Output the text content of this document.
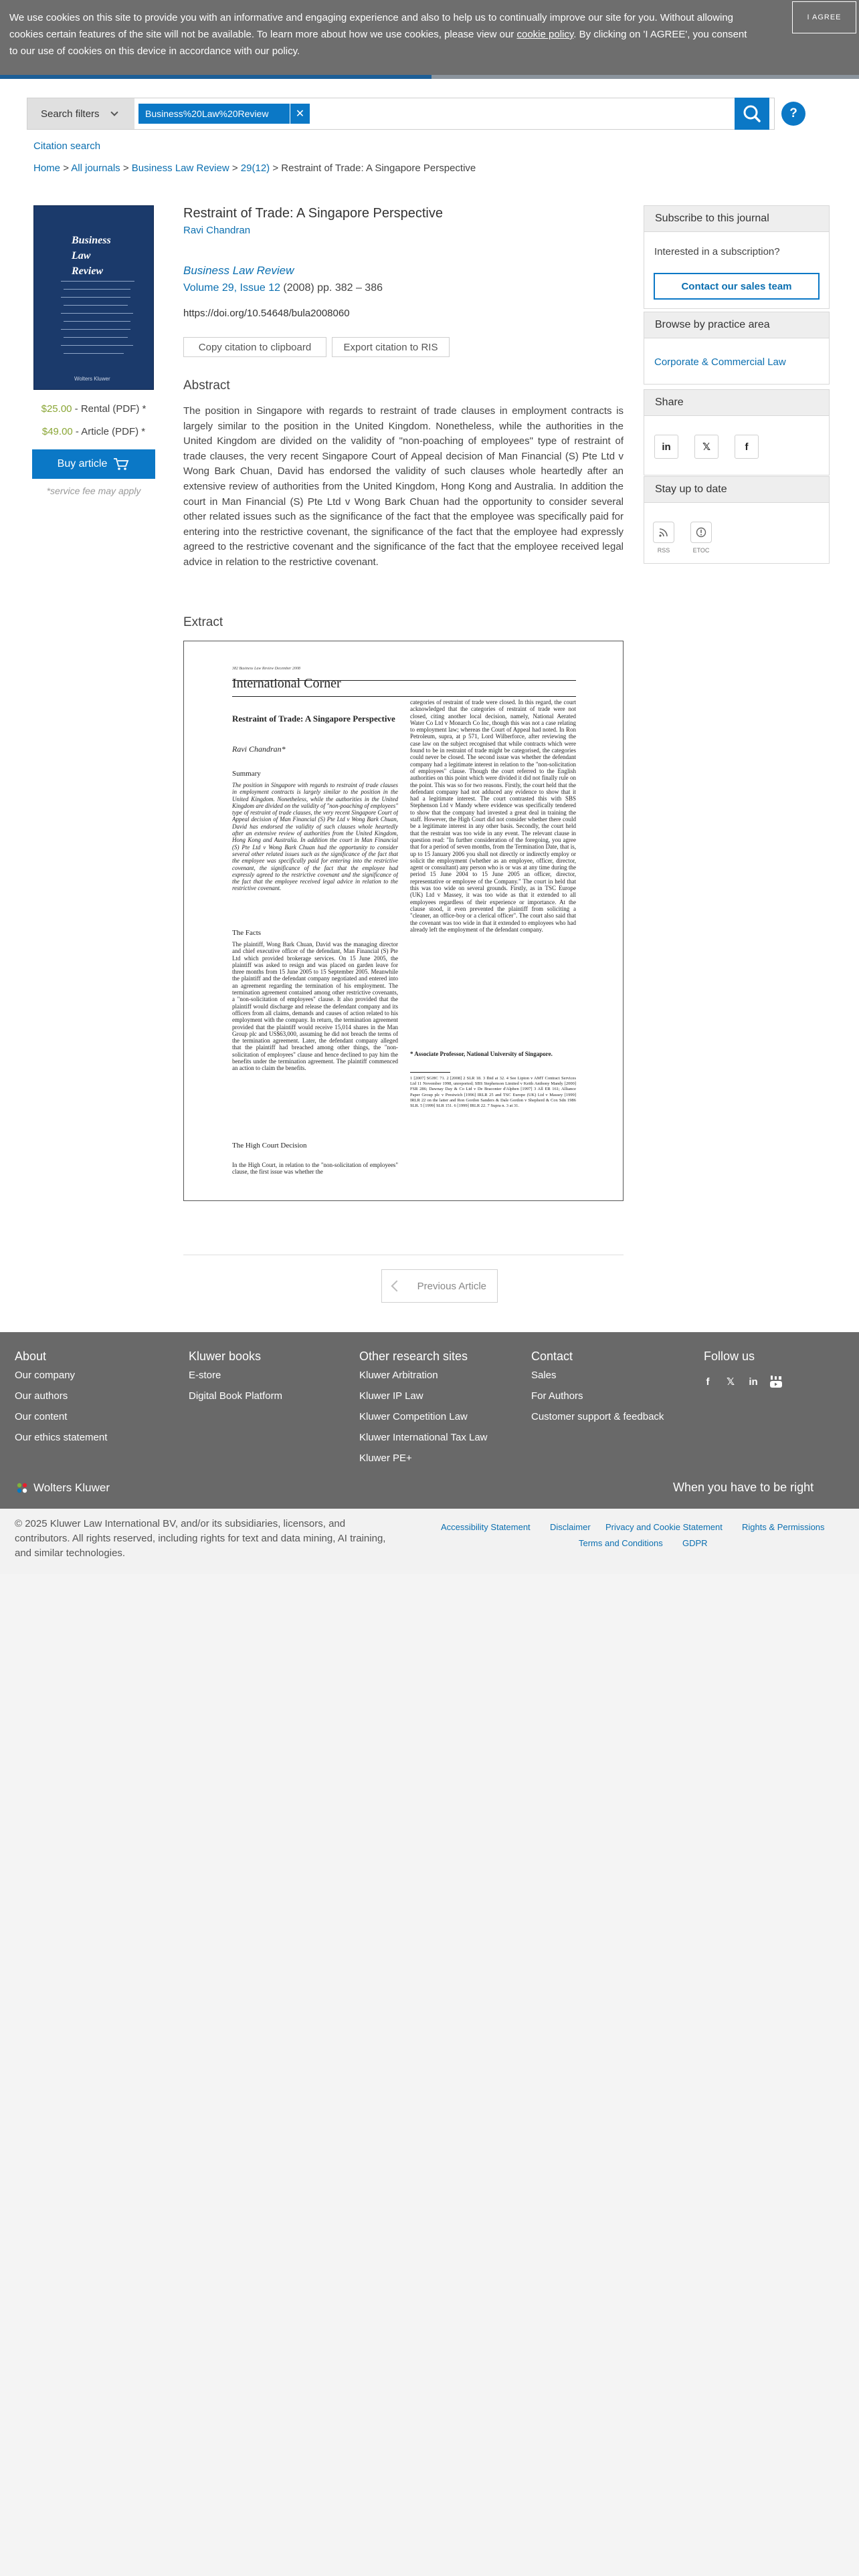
We use cookies on this site to provide you with an informative and engaging experience and also to help us to continually improve our site for you. Without allowing cookies certain features of the site will not be available. To learn more about how we use cookies, please view our cookie policy. By clicking on 'I AGREE', you consent to our use of cookies on this device in accordance with our policy.
I AGREE
Search filters	Business%20Law%20Review	✕	?
Citation search
Home > All journals > Business Law Review > 29(12) > Restraint of Trade: A Singapore Perspective
Business
Law
Review
Wolters Kluwer
$25.00 - Rental (PDF) *
$49.00 - Article (PDF) *
Buy article
*service fee may apply
Restraint of Trade: A Singapore Perspective
Ravi Chandran
Business Law Review
Volume 29, Issue 12 (2008) pp. 382 – 386
https://doi.org/10.54648/bula2008060
Copy citation to clipboard	Export citation to RIS
Abstract
The position in Singapore with regards to restraint of trade clauses in employment contracts is largely similar to the position in the United Kingdom. Nonetheless, while the authorities in the United Kingdom are divided on the validity of "non-poaching of employees" type of restraint of trade clauses, the very recent Singapore Court of Appeal decision of Man Financial (S) Pte Ltd v Wong Bark Chuan, David has endorsed the validity of such clauses whole heartedly after an extensive review of authorities from the United Kingdom, Hong Kong and Australia. In addition the court in Man Financial (S) Pte Ltd v Wong Bark Chuan had the opportunity to consider several other related issues such as the significance of the fact that the employee was specifically paid for entering into the restrictive covenant, the significance of the fact that the employee had expressly agreed to the restrictive covenant and the significance of the fact that the employee received legal advice in relation to the restrictive covenant.
Extract
382 Business Law Review December 2008
International Corner
Restraint of Trade: A Singapore Perspective
Ravi Chandran*
Summary
The position in Singapore with regards to restraint of trade clauses in employment contracts is largely similar to the position in the United Kingdom. Nonetheless, while the authorities in the United Kingdom are divided on the validity of "non-poaching of employees" type of restraint of trade clauses, the very recent Singapore Court of Appeal decision of Man Financial (S) Pte Ltd v Wong Bark Chuan, David has endorsed the validity of such clauses whole heartedly after an extensive review of authorities from the United Kingdom, Hong Kong and Australia. In addition the court in Man Financial (S) Pte Ltd v Wong Bark Chuan had the opportunity to consider several other related issues such as the significance of the fact that the employee was specifically paid for entering into the restrictive covenant, the significance of the fact that the employee had expressly agreed to the restrictive covenant and the significance of the fact that the employee received legal advice in relation to the restrictive covenant.
The Facts
The plaintiff, Wong Bark Chuan, David was the managing director and chief executive officer of the defendant, Man Financial (S) Pte Ltd which provided brokerage services. On 15 June 2005, the plaintiff was asked to resign and was placed on garden leave for three months from 15 June 2005 to 15 September 2005. Meanwhile the plaintiff and the defendant company negotiated and entered into an agreement regarding the termination of his employment. The termination agreement contained among other restrictive covenants, a "non-solicitation of employees" clause. It also provided that the plaintiff would discharge and release the defendant company and its officers from all claims, demands and causes of action related to his employment with the company. In return, the termination agreement provided that the plaintiff would receive 15,014 shares in the Man Group plc and US$63,000, assuming he did not breach the terms of the termination agreement. Later, the defendant company alleged that the plaintiff had breached among other things, the "non-solicitation of employees" clause and hence declined to pay him the benefits under the termination agreement. The plaintiff commenced an action to claim the benefits.
The High Court Decision
In the High Court, in relation to the "non-solicitation of employees" clause, the first issue was whether the
categories of restraint of trade were closed. In this regard, the court acknowledged that the categories of restraint of trade were not closed, citing another local decision, namely, National Aerated Water Co Ltd v Monarch Co Inc, though this was not a case relating to employment law; whereas the Court of Appeal had noted. In Ron Petroleum, supra, at p 571, Lord Wilberforce, after reviewing the case law on the subject recognised that while contracts which were found to be in restraint of trade might be categorised, the categories could never be closed. The second issue was whether the defendant company had a legitimate interest in relation to the "non-solicitation of employees" clause. Though the court referred to the English authorities on this point which were divided it did not finally rule on the point. This was so for two reasons. Firstly, the court held that the defendant company had not adduced any evidence to show that it had a legitimate interest. The court contrasted this with SBS Stephenson Ltd v Mandy where evidence was specifically tendered to show that the company had invested a great deal in training the staff. However, the High Court did not consider whether there could be a legitimate interest in any other basis. Secondly, the court held that the restraint was too wide in any event. The relevant clause in question read: "In further consideration of the foregoing, you agree that for a period of seven months, from the Termination Date, that is, up to 15 January 2006 you shall not directly or indirectly employ or solicit the employment (whether as an employee, officer, director, agent or consultant) any person who is or was at any time during the period 15 June 2004 to 15 June 2005 an officer, director, representative or employee of the Company." The court in held that this was too wide on several grounds. Firstly, as in TSC Europe (UK) Ltd v Massey, it was too wide as that it extended to all employees regardless of their experience or importance. At the clause stood, it even prevented the plaintiff from soliciting a "cleaner, an office-boy or a clerical officer". The court also said that the covenant was too wide in that it extended to employees who had already left the employment of the defendant company.
* Associate Professor, National University of Singapore.
1 [2007] SGHC 71. 2 [2008] 2 SLR 18. 3 Ibid at 32. 4 See Lipton v AMT Contract Services Ltd 11 November 1998, unreported; SBS Stephenson Limited v Keith Anthony Mandy [2000] FSR 286; Dawnay Day & Co Ltd v De Braconier d'Alphen [1997] 3 All ER 161; Alliance Paper Group plc v Prestwich [1996] IRLR 25 and TSC Europe (UK) Ltd v Massey [1999] IRLR 22 on the latter and Ron Gordon Sanders & Dale Gordon v Shepherd & Cox Sdn 1986 SLR. 5 [1999] SLR 151. 6 [1999] IRLR 22. 7 Supra n. 3 at 31.
Previous Article
Subscribe to this journal
Interested in a subscription?
Contact our sales team
Browse by practice area
Corporate & Commercial Law
Share
in	𝕏	f
Stay up to date
RSS	ETOC
About
Our company
Our authors
Our content
Our ethics statement
Kluwer books
E-store
Digital Book Platform
Other research sites
Kluwer Arbitration
Kluwer IP Law
Kluwer Competition Law
Kluwer International Tax Law
Kluwer PE+
Contact
Sales
For Authors
Customer support & feedback
Follow us
f	𝕏	in
Wolters Kluwer	When you have to be right
© 2025 Kluwer Law International BV, and/or its subsidiaries, licensors, and contributors. All rights reserved, including rights for text and data mining, AI training, and similar technologies.
Accessibility Statement Disclaimer Privacy and Cookie Statement Rights & Permissions
Terms and Conditions GDPR
